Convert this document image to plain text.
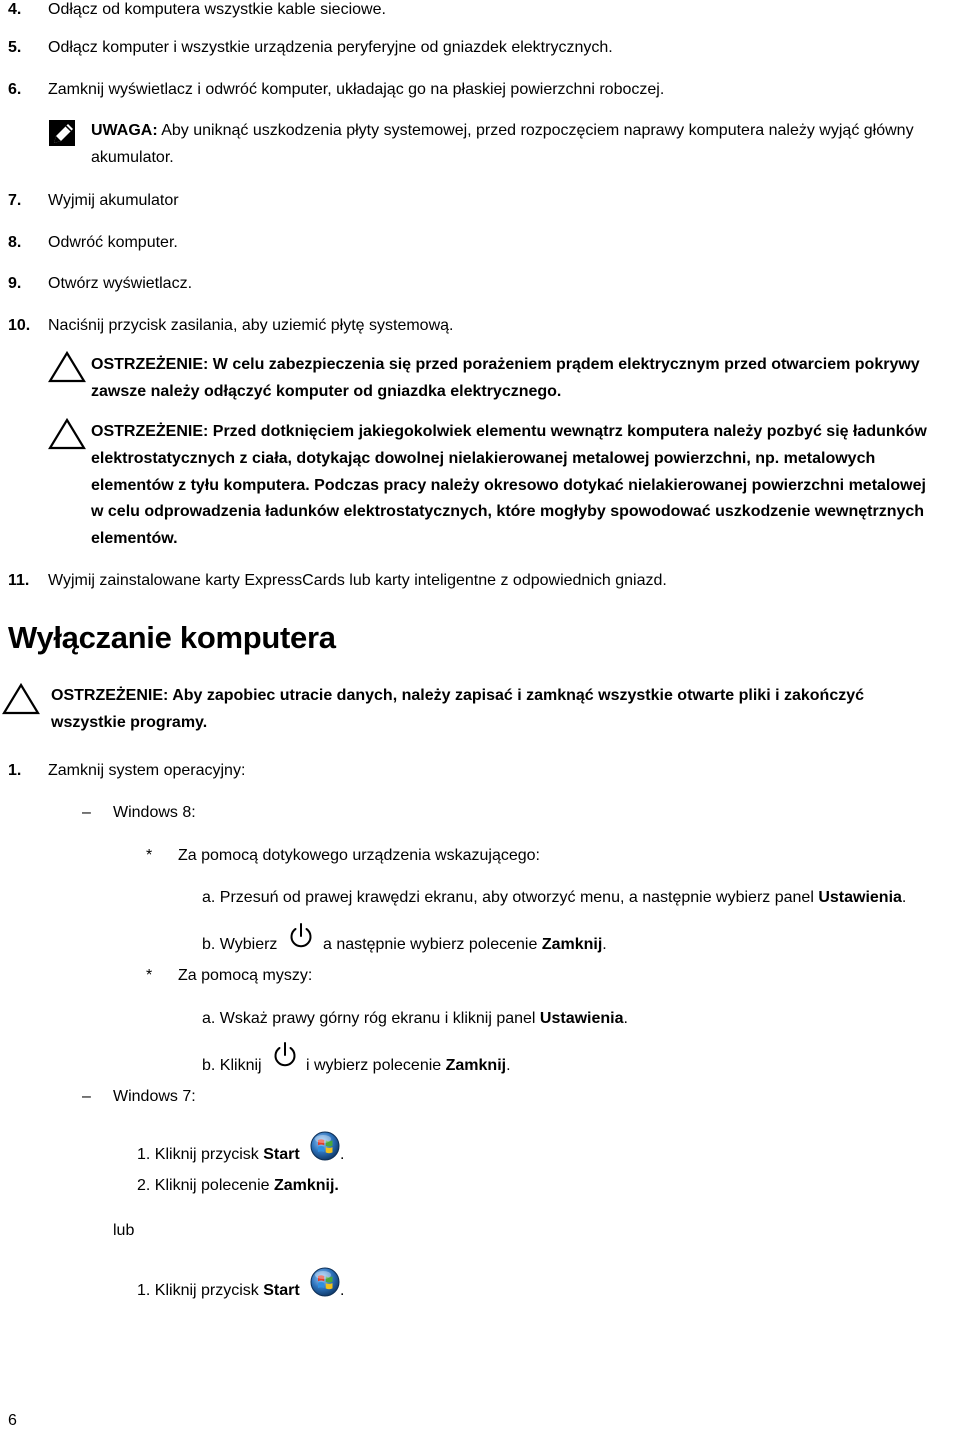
4. Odłącz od komputera wszystkie kable sieciowe.
5. Odłącz komputer i wszystkie urządzenia peryferyjne od gniazdek elektrycznych.
6. Zamknij wyświetlacz i odwróć komputer, układając go na płaskiej powierzchni roboczej.
UWAGA: Aby uniknąć uszkodzenia płyty systemowej, przed rozpoczęciem naprawy komputera należy wyjąć główny
akumulator.
7. Wyjmij akumulator
8. Odwróć komputer.
9. Otwórz wyświetlacz.
10. Naciśnij przycisk zasilania, aby uziemić płytę systemową.
OSTRZEŻENIE: W celu zabezpieczenia się przed porażeniem prądem elektrycznym przed otwarciem pokrywy
zawsze należy odłączyć komputer od gniazdka elektrycznego.
OSTRZEŻENIE: Przed dotknięciem jakiegokolwiek elementu wewnątrz komputera należy pozbyć się ładunków
elektrostatycznych z ciała, dotykając dowolnej nielakierowanej metalowej powierzchni, np. metalowych
elementów z tyłu komputera. Podczas pracy należy okresowo dotykać nielakierowanej powierzchni metalowej
w celu odprowadzenia ładunków elektrostatycznych, które mogłyby spowodować uszkodzenie wewnętrznych
elementów.
11. Wyjmij zainstalowane karty ExpressCards lub karty inteligentne z odpowiednich gniazd.
Wyłączanie komputera
OSTRZEŻENIE: Aby zapobiec utracie danych, należy zapisać i zamknąć wszystkie otwarte pliki i zakończyć
wszystkie programy.
1. Zamknij system operacyjny:
– Windows 8:
* Za pomocą dotykowego urządzenia wskazującego:
a. Przesuń od prawej krawędzi ekranu, aby otworzyć menu, a następnie wybierz panel Ustawienia.
b. Wybierz	a następnie wybierz polecenie Zamknij.
* Za pomocą myszy:
a. Wskaż prawy górny róg ekranu i kliknij panel Ustawienia.
b. Kliknij	i wybierz polecenie Zamknij.
– Windows 7:
1. Kliknij przycisk Start	.
2. Kliknij polecenie Zamknij.
lub
1. Kliknij przycisk Start	.
6
